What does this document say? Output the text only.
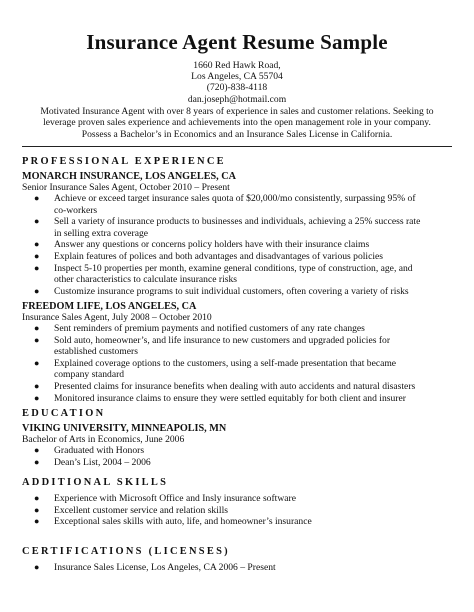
Insurance Agent Resume Sample
1660 Red Hawk Road,
Los Angeles, CA 55704
(720)-838-4118
dan.joseph@hotmail.com
Motivated Insurance Agent with over 8 years of experience in sales and customer relations. Seeking to
leverage proven sales experience and achievements into the open management role in your company.
Possess a Bachelor’s in Economics and an Insurance Sales License in California.
PROFESSIONAL EXPERIENCE
MONARCH INSURANCE, LOS ANGELES, CA
Senior Insurance Sales Agent, October 2010 – Present
● Achieve or exceed target insurance sales quota of $20,000/mo consistently, surpassing 95% of
co-workers
● Sell a variety of insurance products to businesses and individuals, achieving a 25% success rate
in selling extra coverage
● Answer any questions or concerns policy holders have with their insurance claims
● Explain features of polices and both advantages and disadvantages of various policies
● Inspect 5-10 properties per month, examine general conditions, type of construction, age, and
other characteristics to calculate insurance risks
● Customize insurance programs to suit individual customers, often covering a variety of risks
FREEDOM LIFE, LOS ANGELES, CA
Insurance Sales Agent, July 2008 – October 2010
● Sent reminders of premium payments and notified customers of any rate changes
● Sold auto, homeowner’s, and life insurance to new customers and upgraded policies for
established customers
● Explained coverage options to the customers, using a self-made presentation that became
company standard
● Presented claims for insurance benefits when dealing with auto accidents and natural disasters
● Monitored insurance claims to ensure they were settled equitably for both client and insurer
EDUCATION
VIKING UNIVERSITY, MINNEAPOLIS, MN
Bachelor of Arts in Economics, June 2006
● Graduated with Honors
● Dean’s List, 2004 – 2006
ADDITIONAL SKILLS
● Experience with Microsoft Office and Insly insurance software
● Excellent customer service and relation skills
● Exceptional sales skills with auto, life, and homeowner’s insurance
CERTIFICATIONS (LICENSES)
● Insurance Sales License, Los Angeles, CA 2006 – Present
